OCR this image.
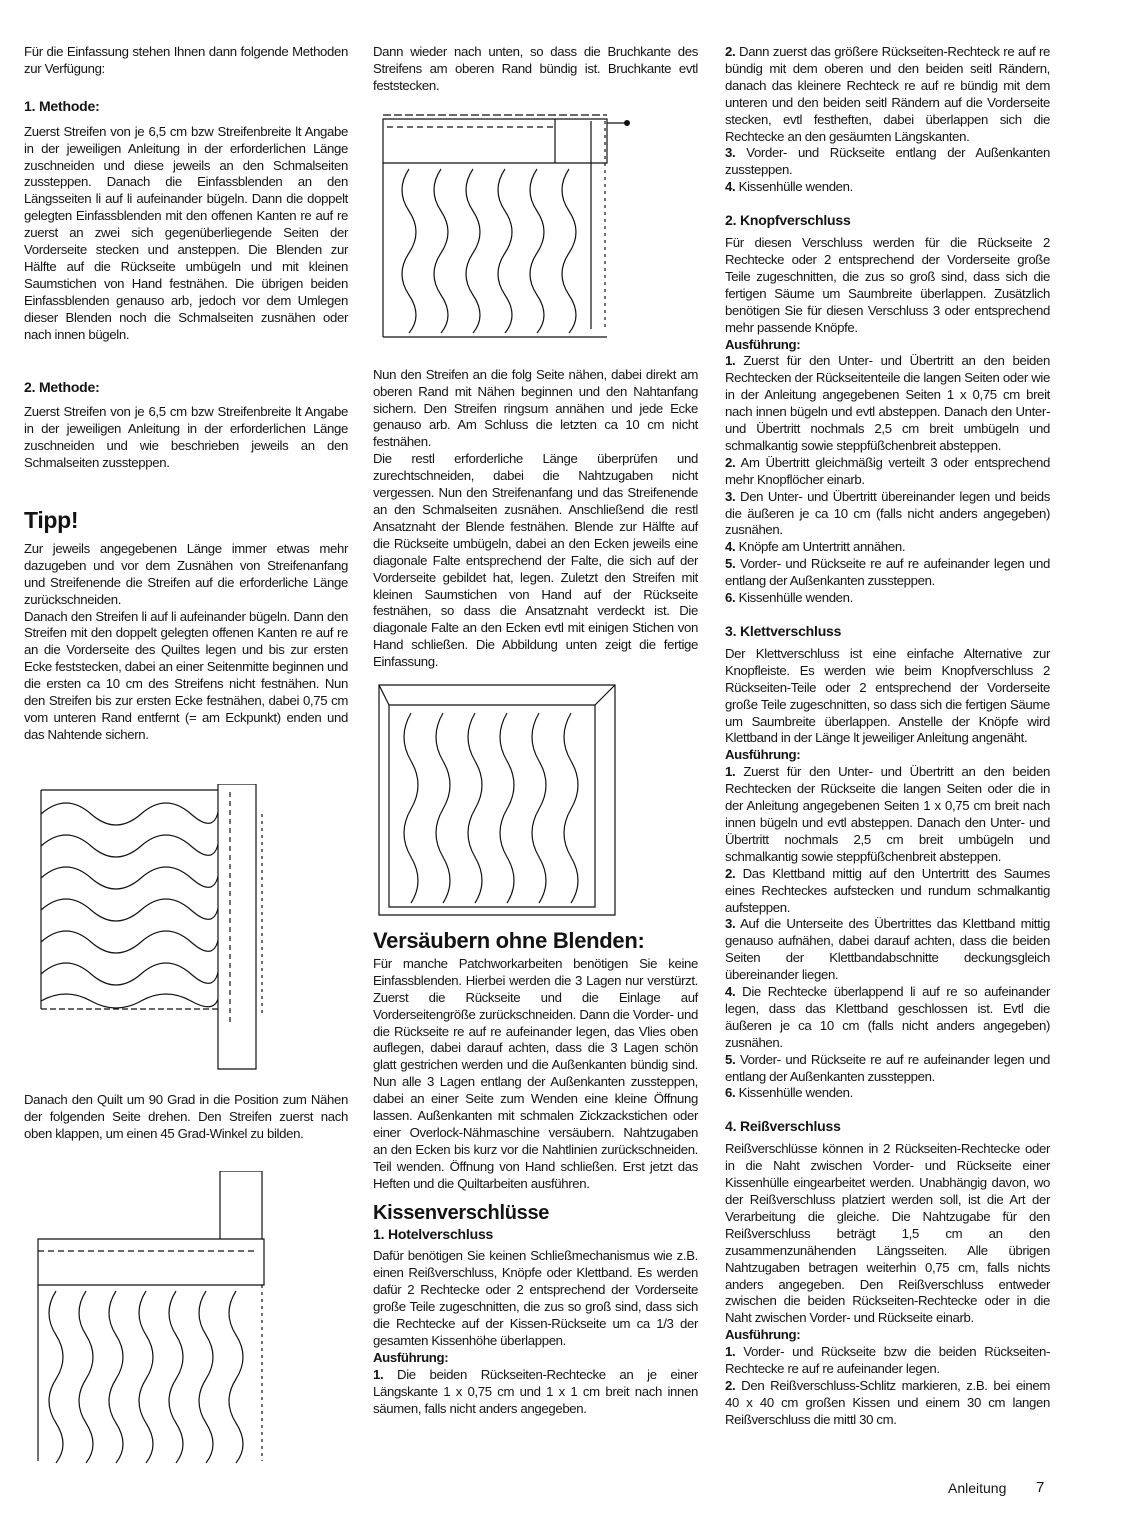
Für die Einfassung stehen Ihnen dann folgende Methoden zur Verfügung:

1. Methode:

Zuerst Streifen von je 6,5 cm bzw Streifenbreite lt Angabe in der jeweiligen Anleitung in der erforderlichen Länge zuschneiden und diese jeweils an den Schmalseiten zussteppen. Danach die Einfassblenden an den Längsseiten li auf li aufeinander bügeln. Dann die doppelt gelegten Einfassblenden mit den offenen Kanten re auf re zuerst an zwei sich gegenüberliegende Seiten der Vorderseite stecken und ansteppen. Die Blenden zur Hälfte auf die Rückseite umbügeln und mit kleinen Saumstichen von Hand festnähen. Die übrigen beiden Einfassblenden genauso arb, jedoch vor dem Umlegen dieser Blenden noch die Schmalseiten zusnähen oder nach innen bügeln.

2. Methode:

Zuerst Streifen von je 6,5 cm bzw Streifenbreite lt Angabe in der jeweiligen Anleitung in der erforderlichen Länge zuschneiden und wie beschrieben jeweils an den Schmalseiten zussteppen.

Tipp!

Zur jeweils angegebenen Länge immer etwas mehr dazugeben und vor dem Zusnähen von Streifenanfang und Streifenende die Streifen auf die erforderliche Länge zurückschneiden.

Danach den Streifen li auf li aufeinander bügeln. Dann den Streifen mit den doppelt gelegten offenen Kanten re auf re an die Vorderseite des Quiltes legen und bis zur ersten Ecke feststecken, dabei an einer Seitenmitte beginnen und die ersten ca 10 cm des Streifens nicht festnähen. Nun den Streifen bis zur ersten Ecke festnähen, dabei 0,75 cm vom unteren Rand entfernt (= am Eckpunkt) enden und das Nahtende sichern.

Danach den Quilt um 90 Grad in die Position zum Nähen der folgenden Seite drehen. Den Streifen zuerst nach oben klappen, um einen 45 Grad-Winkel zu bilden.

Dann wieder nach unten, so dass die Bruchkante des Streifens am oberen Rand bündig ist. Bruchkante evtl feststecken.

Nun den Streifen an die folg Seite nähen, dabei direkt am oberen Rand mit Nähen beginnen und den Nahtanfang sichern. Den Streifen ringsum annähen und jede Ecke genauso arb. Am Schluss die letzten ca 10 cm nicht festnähen.

Die restl erforderliche Länge überprüfen und zurechtschneiden, dabei die Nahtzugaben nicht vergessen. Nun den Streifenanfang und das Streifenende an den Schmalseiten zusnähen. Anschließend die restl Ansatznaht der Blende festnähen. Blende zur Hälfte auf die Rückseite umbügeln, dabei an den Ecken jeweils eine diagonale Falte entsprechend der Falte, die sich auf der Vorderseite gebildet hat, legen. Zuletzt den Streifen mit kleinen Saumstichen von Hand auf der Rückseite festnähen, so dass die Ansatznaht verdeckt ist. Die diagonale Falte an den Ecken evtl mit einigen Stichen von Hand schließen. Die Abbildung unten zeigt die fertige Einfassung.

Versäubern ohne Blenden:

Für manche Patchworkarbeiten benötigen Sie keine Einfassblenden. Hierbei werden die 3 Lagen nur verstürzt. Zuerst die Rückseite und die Einlage auf Vorderseitengröße zurückschneiden. Dann die Vorder- und die Rückseite re auf re aufeinander legen, das Vlies oben auflegen, dabei darauf achten, dass die 3 Lagen schön glatt gestrichen werden und die Außenkanten bündig sind. Nun alle 3 Lagen entlang der Außenkanten zussteppen, dabei an einer Seite zum Wenden eine kleine Öffnung lassen. Außenkanten mit schmalen Zickzackstichen oder einer Overlock-Nähmaschine versäubern. Nahtzugaben an den Ecken bis kurz vor die Nahtlinien zurückschneiden. Teil wenden. Öffnung von Hand schließen. Erst jetzt das Heften und die Quiltarbeiten ausführen.

Kissenverschlüsse
1. Hotelverschluss

Dafür benötigen Sie keinen Schließmechanismus wie z.B. einen Reißverschluss, Knöpfe oder Klettband. Es werden dafür 2 Rechtecke oder 2 entsprechend der Vorderseite große Teile zugeschnitten, die zus so groß sind, dass sich die Rechtecke auf der Kissen-Rückseite um ca 1/3 der gesamten Kissenhöhe überlappen.

Ausführung:

1. Die beiden Rückseiten-Rechtecke an je einer Längskante 1 x 0,75 cm und 1 x 1 cm breit nach innen säumen, falls nicht anders angegeben.

2. Dann zuerst das größere Rückseiten-Rechteck re auf re bündig mit dem oberen und den beiden seitl Rändern, danach das kleinere Rechteck re auf re bündig mit dem unteren und den beiden seitl Rändern auf die Vorderseite stecken, evtl festheften, dabei überlappen sich die Rechtecke an den gesäumten Längskanten.

3. Vorder- und Rückseite entlang der Außenkanten zussteppen.

4. Kissenhülle wenden.

2. Knopfverschluss

Für diesen Verschluss werden für die Rückseite 2 Rechtecke oder 2 entsprechend der Vorderseite große Teile zugeschnitten, die zus so groß sind, dass sich die fertigen Säume um Saumbreite überlappen. Zusätzlich benötigen Sie für diesen Verschluss 3 oder entsprechend mehr passende Knöpfe.

Ausführung:

1. Zuerst für den Unter- und Übertritt an den beiden Rechtecken der Rückseitenteile die langen Seiten oder wie in der Anleitung angegebenen Seiten 1 x 0,75 cm breit nach innen bügeln und evtl absteppen. Danach den Unter- und Übertritt nochmals 2,5 cm breit umbügeln und schmalkantig sowie steppfüßchenbreit absteppen.

2. Am Übertritt gleichmäßig verteilt 3 oder entsprechend mehr Knopflöcher einarb.

3. Den Unter- und Übertritt übereinander legen und beids die äußeren je ca 10 cm (falls nicht anders angegeben) zusnähen.

4. Knöpfe am Untertritt annähen.

5. Vorder- und Rückseite re auf re aufeinander legen und entlang der Außenkanten zussteppen.

6. Kissenhülle wenden.

3. Klettverschluss

Der Klettverschluss ist eine einfache Alternative zur Knopfleiste. Es werden wie beim Knopfverschluss 2 Rückseiten-Teile oder 2 entsprechend der Vorderseite große Teile zugeschnitten, so dass sich die fertigen Säume um Saumbreite überlappen. Anstelle der Knöpfe wird Klettband in der Länge lt jeweiliger Anleitung angenäht.

Ausführung:

1. Zuerst für den Unter- und Übertritt an den beiden Rechtecken der Rückseite die langen Seiten oder die in der Anleitung angegebenen Seiten 1 x 0,75 cm breit nach innen bügeln und evtl absteppen. Danach den Unter- und Übertritt nochmals 2,5 cm breit umbügeln und schmalkantig sowie steppfüßchenbreit absteppen.

2. Das Klettband mittig auf den Untertritt des Saumes eines Rechteckes aufstecken und rundum schmalkantig aufsteppen.

3. Auf die Unterseite des Übertrittes das Klettband mittig genauso aufnähen, dabei darauf achten, dass die beiden Seiten der Klettbandabschnitte deckungsgleich übereinander liegen.

4. Die Rechtecke überlappend li auf re so aufeinander legen, dass das Klettband geschlossen ist. Evtl die äußeren je ca 10 cm (falls nicht anders angegeben) zusnähen.

5. Vorder- und Rückseite re auf re aufeinander legen und entlang der Außenkanten zussteppen.

6. Kissenhülle wenden.

4. Reißverschluss

Reißverschlüsse können in 2 Rückseiten-Rechtecke oder in die Naht zwischen Vorder- und Rückseite einer Kissenhülle eingearbeitet werden. Unabhängig davon, wo der Reißverschluss platziert werden soll, ist die Art der Verarbeitung die gleiche. Die Nahtzugabe für den Reißverschluss beträgt 1,5 cm an den zusammenzunähenden Längsseiten. Alle übrigen Nahtzugaben betragen weiterhin 0,75 cm, falls nichts anders angegeben. Den Reißverschluss entweder zwischen die beiden Rückseiten-Rechtecke oder in die Naht zwischen Vorder- und Rückseite einarb.

Ausführung:

1. Vorder- und Rückseite bzw die beiden Rückseiten-Rechtecke re auf re aufeinander legen.

2. Den Reißverschluss-Schlitz markieren, z.B. bei einem 40 x 40 cm großen Kissen und einem 30 cm langen Reißverschluss die mittl 30 cm.

Anleitung 7
